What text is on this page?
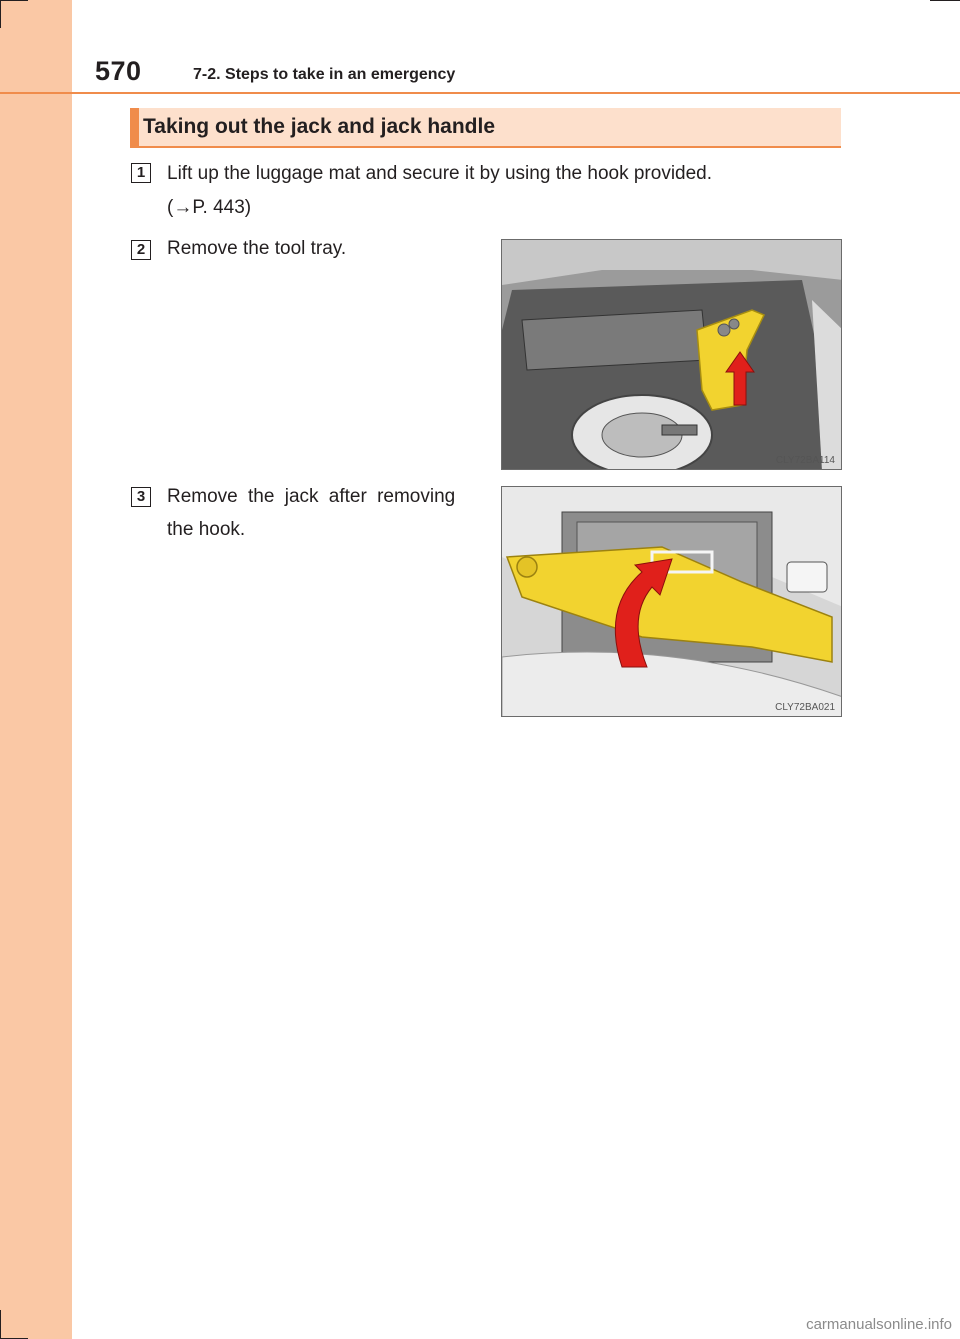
570	7-2. Steps to take in an emergency
Taking out the jack and jack handle
1	Lift up the luggage mat and secure it by using the hook provided.
(→P. 443)
2	Remove the tool tray.
CLY72BA114
3	Remove the jack after removing
the hook.
CLY72BA021
carmanualsonline.info
